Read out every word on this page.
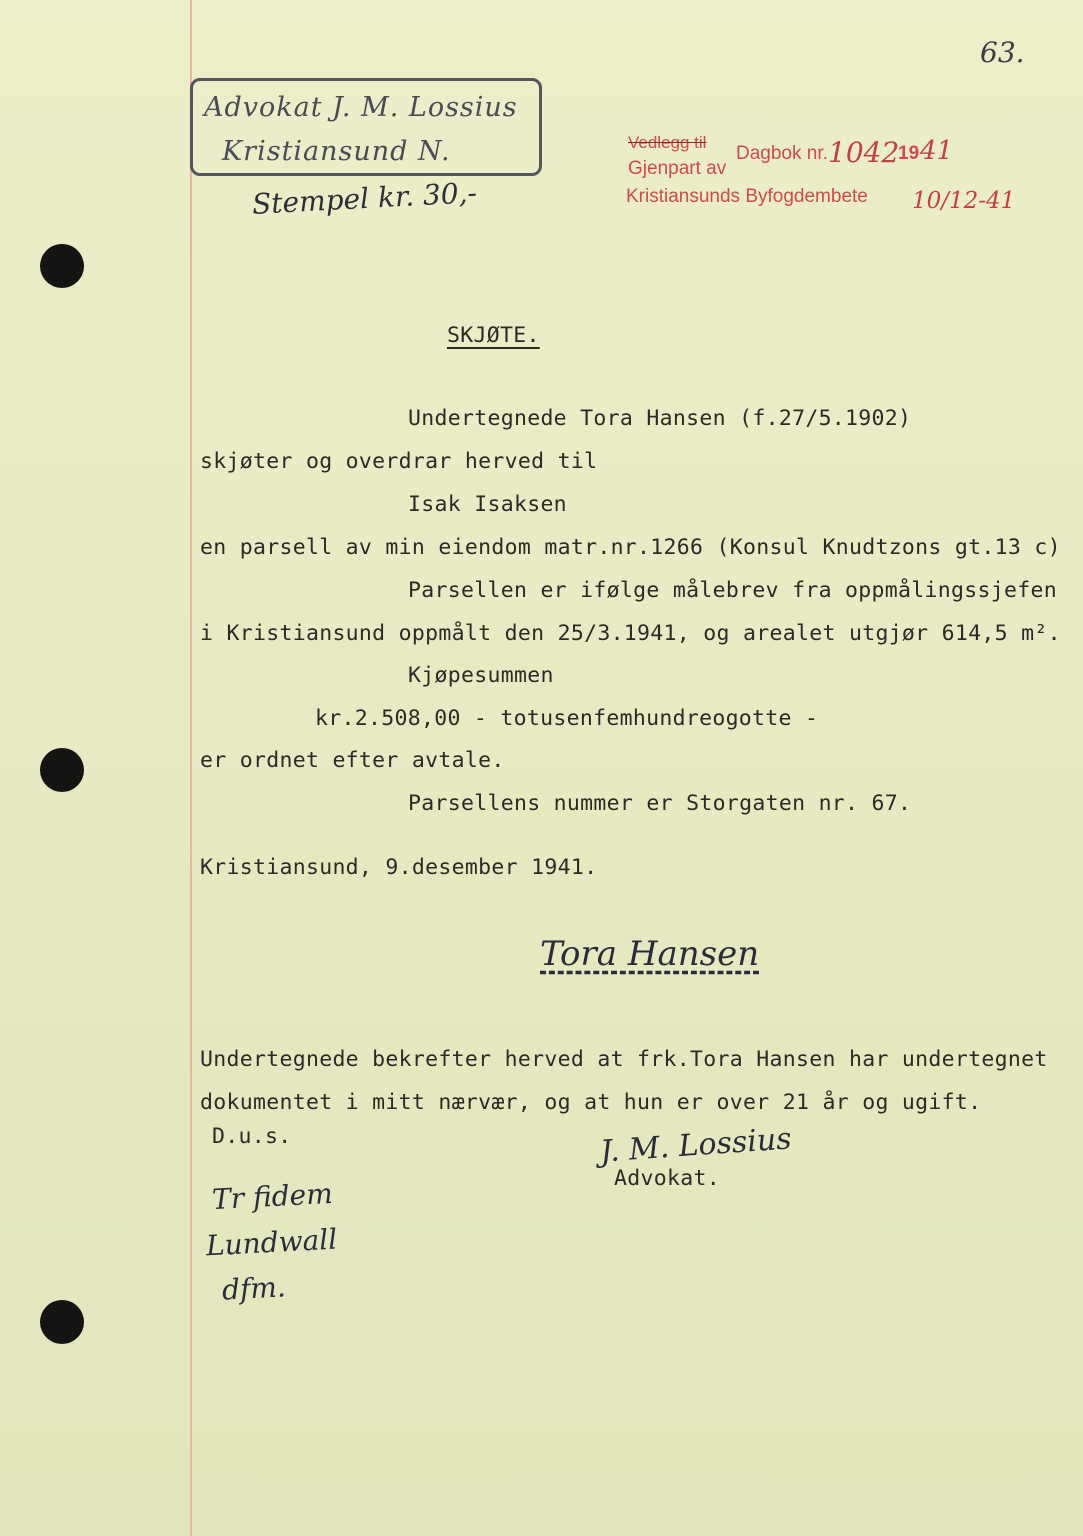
63.
Advokat J. M. Lossius
Kristiansund N.
Stempel kr. 30,-
Vedlegg til
Gjenpart av
Dagbok nr. 1042
19 41
Kristiansunds Byfogdembete 10/12-41
SKJØTE.
Undertegnede Tora Hansen (f.27/5.1902)
skjøter og overdrar herved til
Isak Isaksen
en parsell av min eiendom matr.nr.1266 (Konsul Knudtzons gt.13 c)
Parsellen er ifølge målebrev fra oppmålingssjefen
i Kristiansund oppmålt den 25/3.1941, og arealet utgjør 614,5 m².
Kjøpesummen
kr.2.508,00 - totusenfemhundreogotte -
er ordnet efter avtale.
Parsellens nummer er Storgaten nr. 67.
Kristiansund, 9.desember 1941.
Tora Hansen
Undertegnede bekrefter herved at frk.Tora Hansen har undertegnet
dokumentet i mitt nærvær, og at hun er over 21 år og ugift.
D.u.s.	J. M. Lossius
Advokat.
Tr fidem
Lundwall
dfm.
